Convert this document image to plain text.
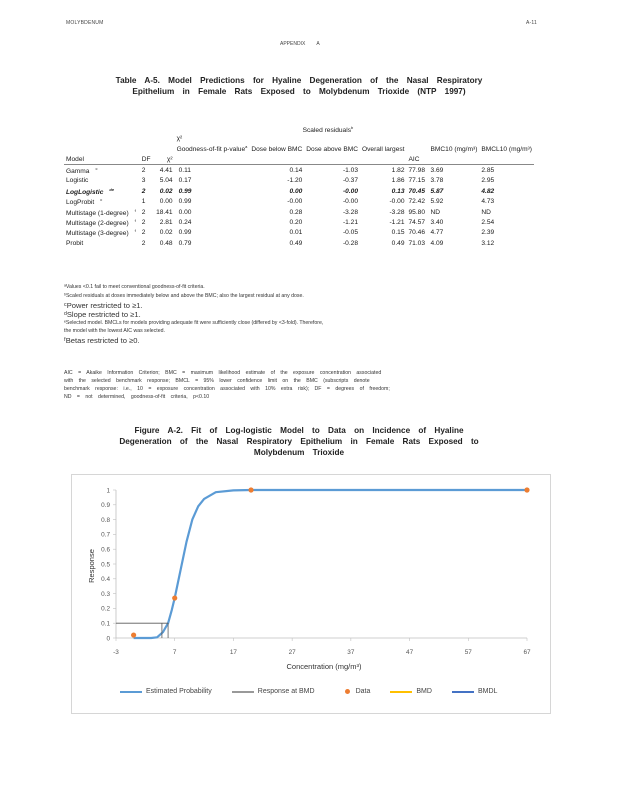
MOLYBDENUM	A-11
APPENDIX A
Table A-5. Model Predictions for Hyaline Degeneration of the Nasal Respiratory
Epithelium in Female Rats Exposed to Molybdenum Trioxide (NTP 1997)

				Scaled residuals$^b$	
			χ²
Goodness-of-fit p-value$^a$	Dose below BMC	Dose above BMC	Overall largest		BMC10 (mg/m³)	BMCL10 (mg/m³)
Model	DF	χ²					AIC		
Gamma $^c$	2	4.41	0.11	0.14	-1.03	1.82	77.98	3.69	2.85
Logistic	3	5.04	0.17	-1.20	-0.37	1.86	77.15	3.78	2.95
LogLogistic $^{de}$	2	0.02	0.99	0.00	-0.00	0.13	70.45	5.87	4.82
LogProbit $^c$	1	0.00	0.99	-0.00	-0.00	-0.00	72.42	5.92	4.73
Multistage (1-degree) $^f$	2	18.41	0.00	0.28	-3.28	-3.28	95.80	ND	ND
Multistage (2-degree) $^f$	2	2.81	0.24	0.20	-1.21	-1.21	74.57	3.40	2.54
Multistage (3-degree) $^f$	2	0.02	0.99	0.01	-0.05	0.15	70.46	4.77	2.39
Probit	2	0.48	0.79	0.49	-0.28	0.49	71.03	4.09	3.12
ᵃValues <0.1 fail to meet conventional goodness-of-fit criteria.
ᵇScaled residuals at doses immediately below and above the BMC; also the largest residual at any dose.
ᶜPower restricted to ≥1.
ᵈSlope restricted to ≥1.
ᵉSelected model. BMCLs for models providing adequate fit were sufficiently close (differed by <3-fold). Therefore,
the model with the lowest AIC was selected.
ᶠBetas restricted to ≥0.
AIC = Akaike Information Criterion; BMC = maximum likelihood estimate of the exposure concentration associated
with the selected benchmark response; BMCL = 95% lower confidence limit on the BMC (subscripts denote
benchmark response: i.e., 10 = exposure concentration associated with 10% extra risk); DF = degrees of freedom;
ND = not determined, goodness-of-fit criteria, p<0.10
Figure A-2. Fit of Log-logistic Model to Data on Incidence of Hyaline
Degeneration of the Nasal Respiratory Epithelium in Female Rats Exposed to
Molybdenum Trioxide
0
0.1
0.2
0.3
0.4
0.5
0.6
0.7
0.8
0.9
1
-3	7	17	27	37	47	57	67
Concentration (mg/m³)
Response
Estimated Probability	Response at BMD	Data	BMD	BMDL
